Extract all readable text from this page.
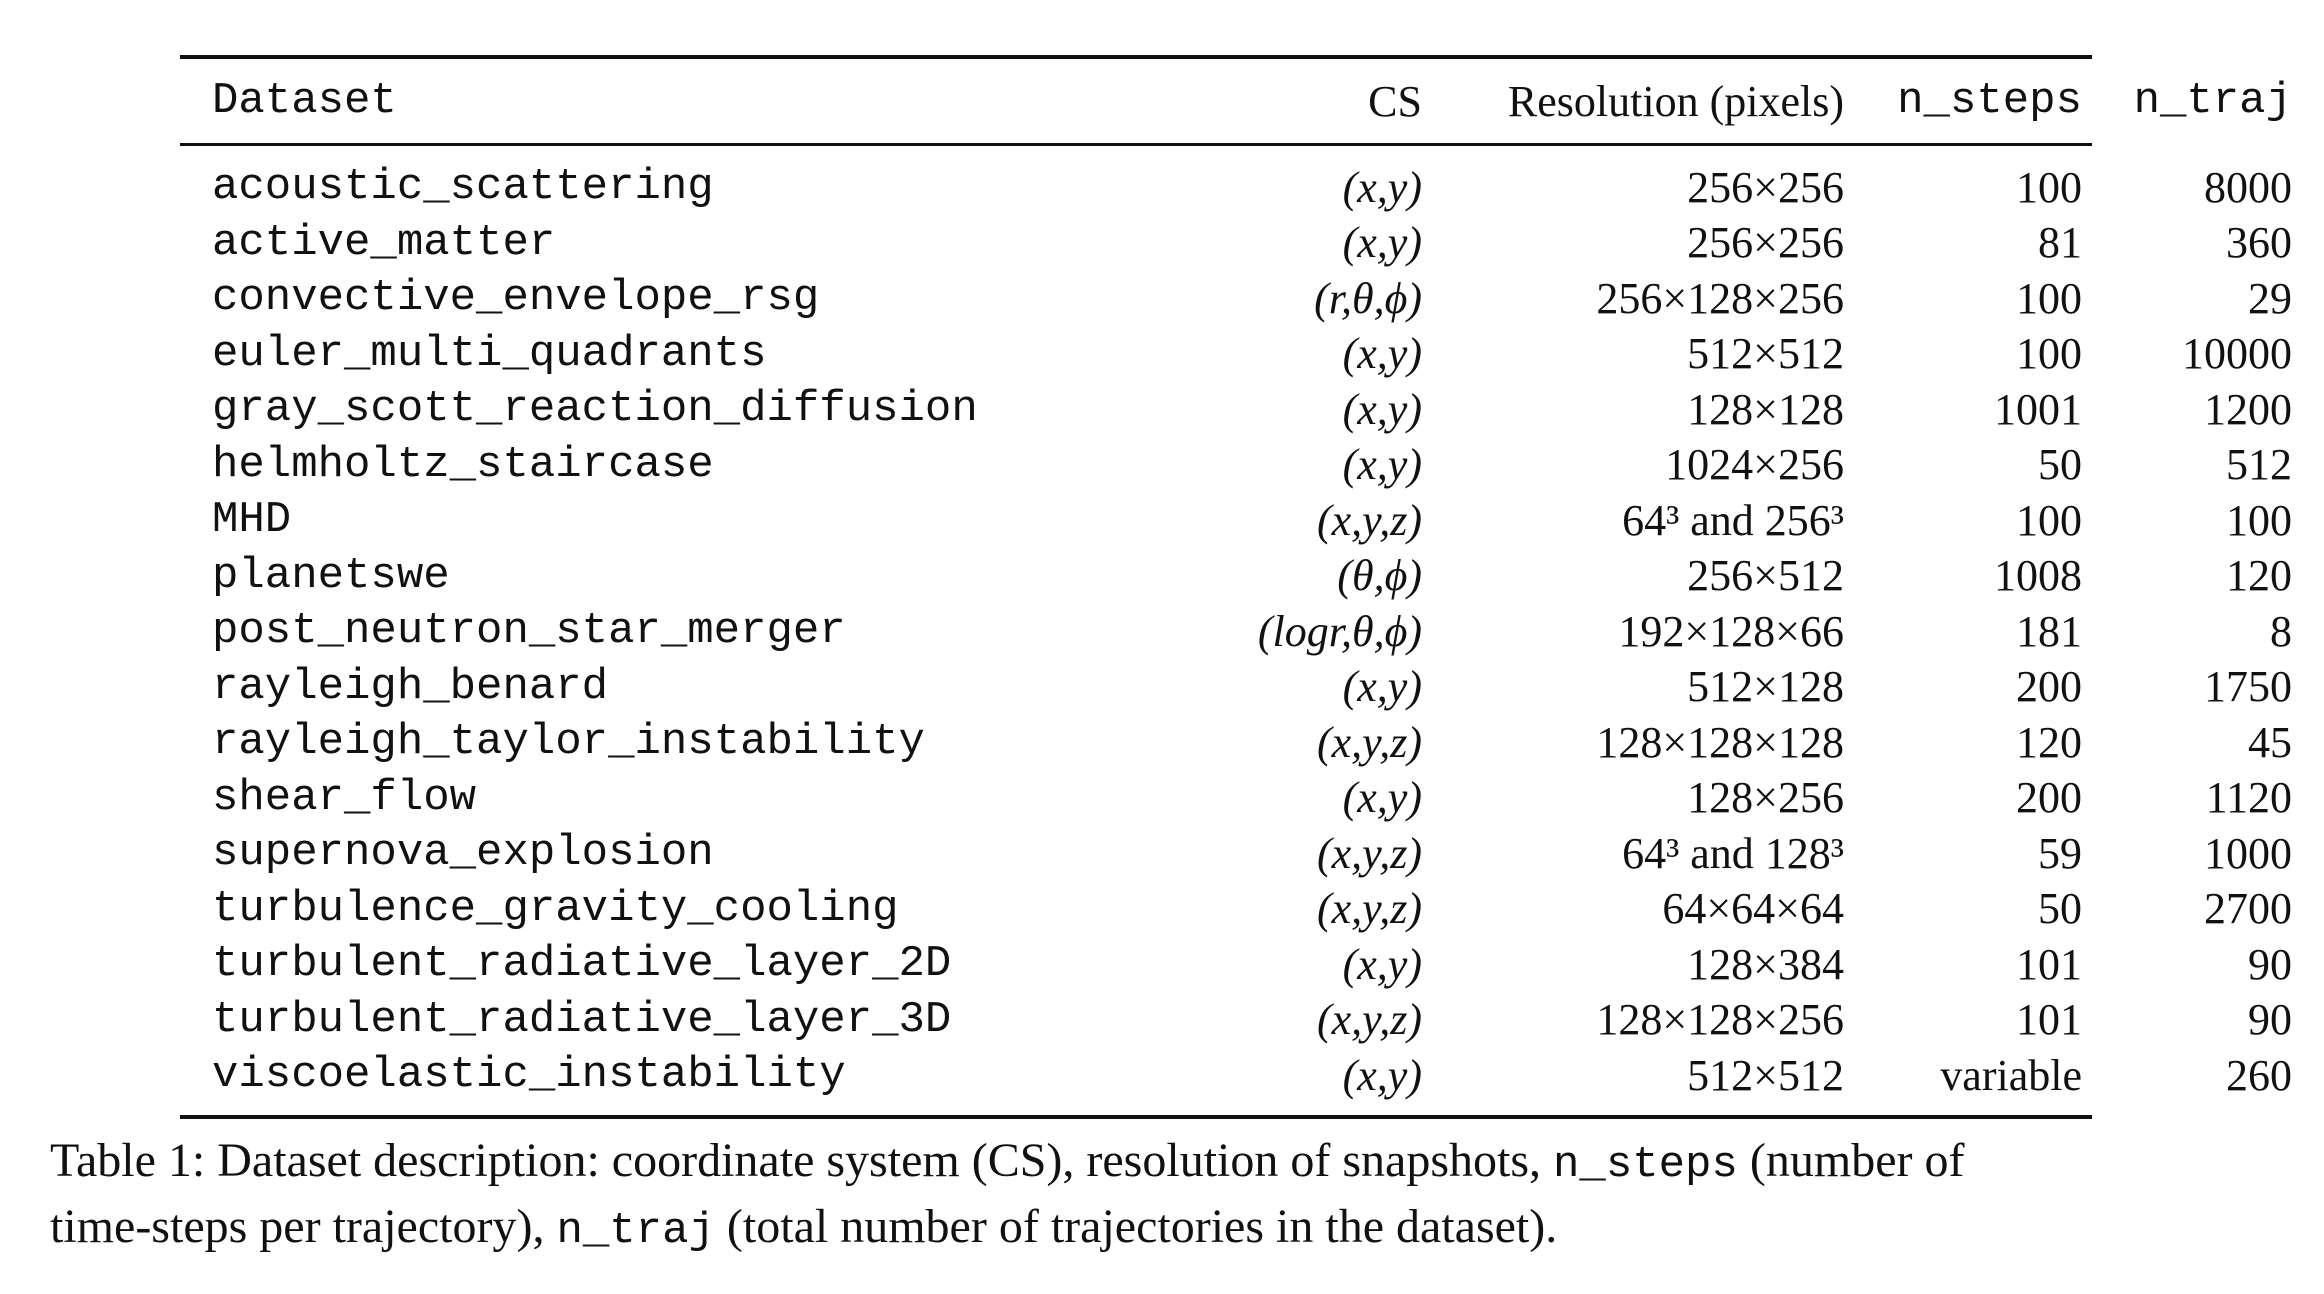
Dataset	CS	Resolution (pixels)	n_steps	n_traj
acoustic_scattering	(x,y)	256×256	100	8000
active_matter	(x,y)	256×256	81	360
convective_envelope_rsg	(r,θ,ϕ)	256×128×256	100	29
euler_multi_quadrants	(x,y)	512×512	100	10000
gray_scott_reaction_diffusion	(x,y)	128×128	1001	1200
helmholtz_staircase	(x,y)	1024×256	50	512
MHD	(x,y,z)	64³ and 256³	100	100
planetswe	(θ,ϕ)	256×512	1008	120
post_neutron_star_merger	(logr,θ,ϕ)	192×128×66	181	8
rayleigh_benard	(x,y)	512×128	200	1750
rayleigh_taylor_instability	(x,y,z)	128×128×128	120	45
shear_flow	(x,y)	128×256	200	1120
supernova_explosion	(x,y,z)	64³ and 128³	59	1000
turbulence_gravity_cooling	(x,y,z)	64×64×64	50	2700
turbulent_radiative_layer_2D	(x,y)	128×384	101	90
turbulent_radiative_layer_3D	(x,y,z)	128×128×256	101	90
viscoelastic_instability	(x,y)	512×512	variable	260
Table 1: Dataset description: coordinate system (CS), resolution of snapshots, n_steps (number of
time-steps per trajectory), n_traj (total number of trajectories in the dataset).
